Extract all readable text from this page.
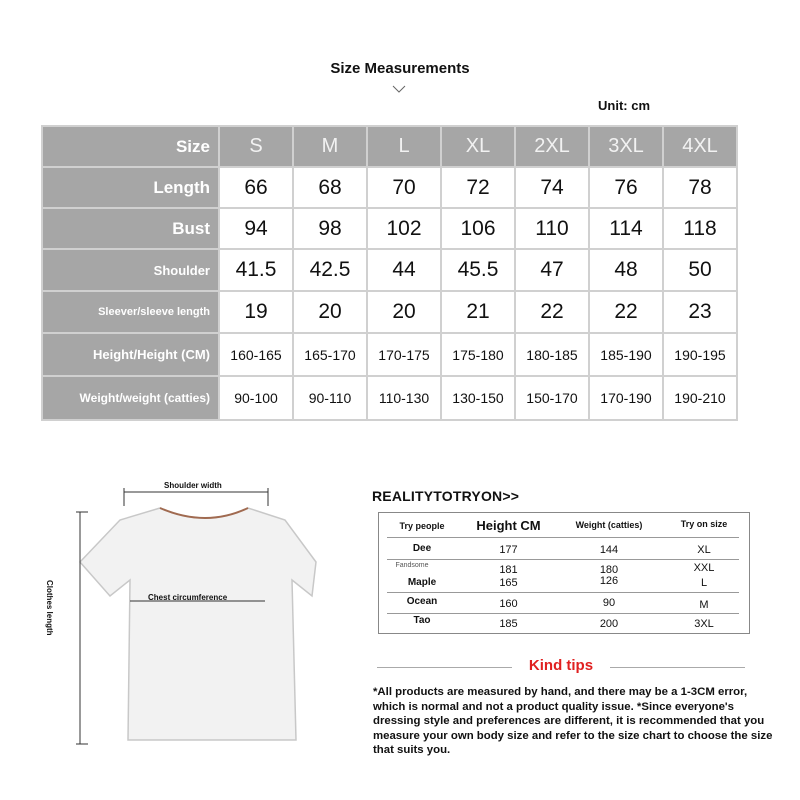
Size Measurements
Unit: cm
Size	S	M	L	XL	2XL	3XL	4XL
Length	66	68	70	72	74	76	78
Bust	94	98	102	106	110	114	118
Shoulder	41.5	42.5	44	45.5	47	48	50
Sleever/sleeve length	19	20	20	21	22	22	23
Height/Height (CM)	160-165	165-170	170-175	175-180	180-185	185-190	190-195
Weight/weight (catties)	90-100	90-110	110-130	130-150	150-170	170-190	190-210
Shoulder width
Chest circumference
Clothes length
REALITYTOTRYON>>
Try people	Height CM	Weight (catties)	Try on size
Dee	177	144	XL
Fandsome	181	180	XXL
Maple	165	126	L
Ocean	160	90	M
Tao	185	200	3XL
Kind tips
*All products are measured by hand, and there may be a 1-3CM error, which is normal and not a product quality issue. *Since everyone's dressing style and preferences are different, it is recommended that you measure your own body size and refer to the size chart to choose the size that suits you.
